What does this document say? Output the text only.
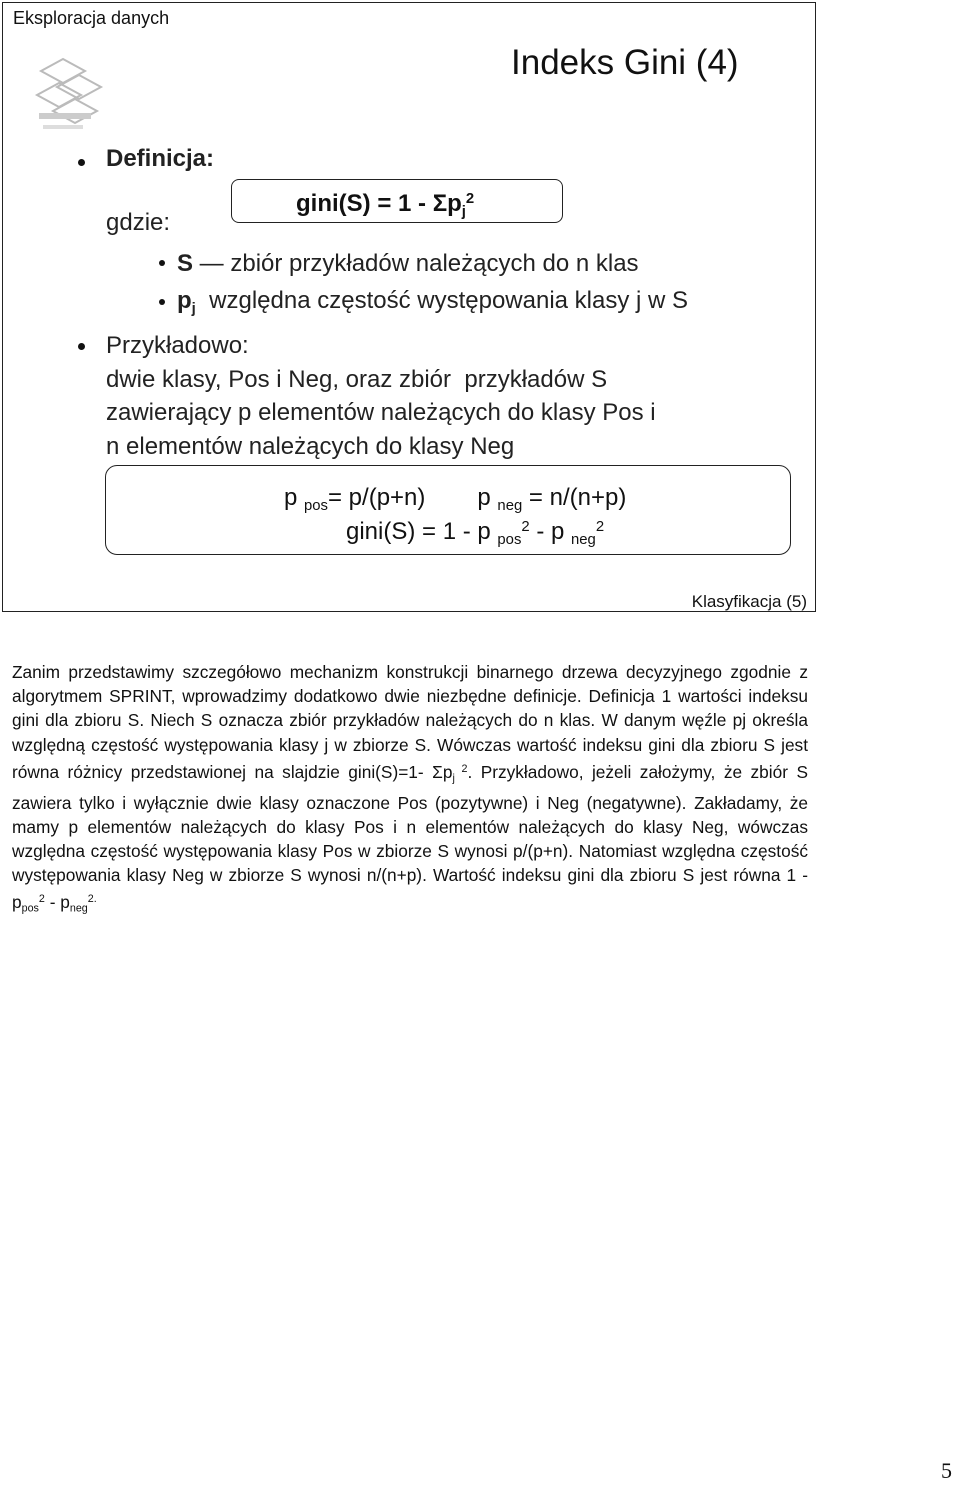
Eksploracja danych
Indeks Gini (4)
Definicja:
gdzie:
gini(S) = $1 - \Sigma p_j^2$
S — zbiór przykładów należących do n klas
$p_j$  względna częstość występowania klasy j w S
Przykładowo:
dwie klasy, Pos i Neg, oraz zbiór  przykładów S
zawierający p elementów należących do klasy Pos i
n elementów należących do klasy Neg
p $_{pos}$= p/(p+n) p $_{neg}$ = n/(n+p)
gini(S) = 1 - p $_{pos}^2$ - p $_{neg}^2$
Klasyfikacja (5)

Zanim przedstawimy szczegółowo mechanizm konstrukcji binarnego drzewa decyzyjnego zgodnie z algorytmem SPRINT, wprowadzimy dodatkowo dwie niezbędne definicje. Definicja 1 wartości indeksu gini dla zbioru S. Niech S oznacza zbiór przykładów należących do n klas. W danym węźle pj określa względną częstość występowania klasy j w zbiorze S. Wówczas wartość indeksu gini dla zbioru S jest równa różnicy przedstawionej na slajdzie gini(S)=1- $\Sigma p_j$ $^2$. Przykładowo, jeżeli założymy, że zbiór S zawiera tylko i wyłącznie dwie klasy oznaczone Pos (pozytywne) i Neg (negatywne). Zakładamy, że mamy p elementów należących do klasy Pos i n elementów należących do klasy Neg, wówczas względna częstość występowania klasy Pos w zbiorze S wynosi p/(p+n). Natomiast względna częstość występowania klasy Neg w zbiorze S wynosi n/(n+p). Wartość indeksu gini dla zbioru S jest równa $1 - p_{pos}^2 - p_{neg}^{2.}$

5
